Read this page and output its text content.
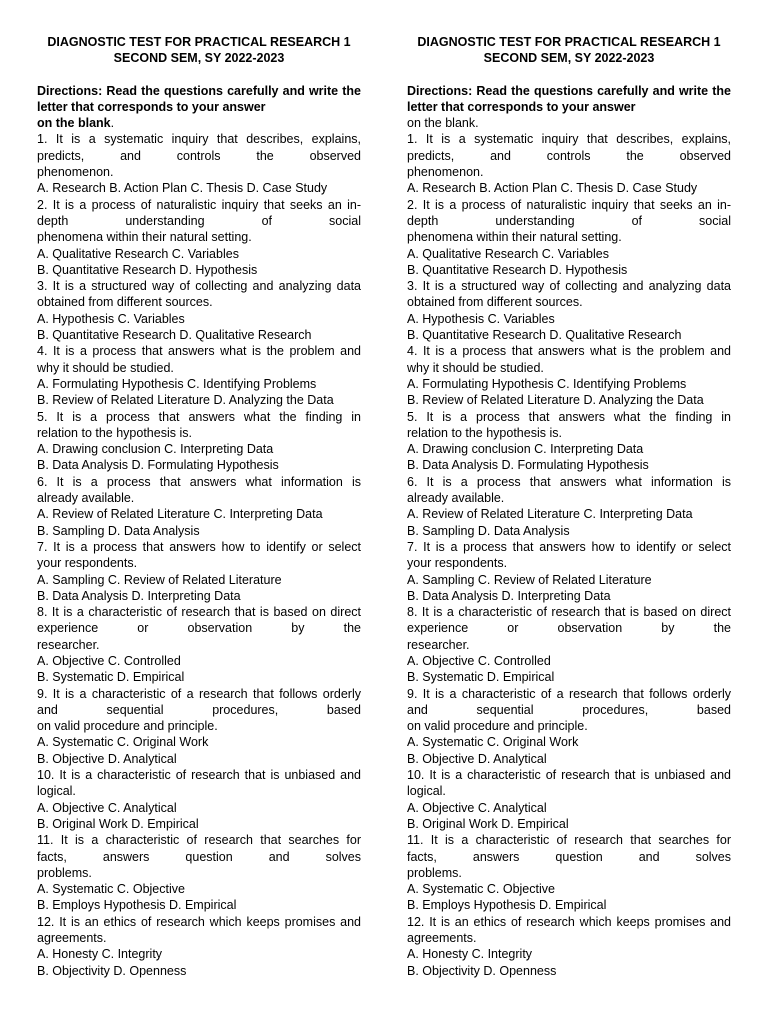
DIAGNOSTIC TEST FOR PRACTICAL RESEARCH 1
SECOND SEM, SY 2022-2023
Directions: Read the questions carefully and write the
letter that corresponds to your answer
on the blank.
1. It is a systematic inquiry that describes, explains,
predicts, and controls the observed
phenomenon.
A. Research B. Action Plan C. Thesis D. Case Study
2. It is a process of naturalistic inquiry that seeks an in-
depth understanding of social
phenomena within their natural setting.
A. Qualitative Research C. Variables
B. Quantitative Research D. Hypothesis
3. It is a structured way of collecting and analyzing data
obtained from different sources.
A. Hypothesis C. Variables
B. Quantitative Research D. Qualitative Research
4. It is a process that answers what is the problem and
why it should be studied.
A. Formulating Hypothesis C. Identifying Problems
B. Review of Related Literature D. Analyzing the Data
5. It is a process that answers what the finding in
relation to the hypothesis is.
A. Drawing conclusion C. Interpreting Data
B. Data Analysis D. Formulating Hypothesis
6. It is a process that answers what information is
already available.
A. Review of Related Literature C. Interpreting Data
B. Sampling D. Data Analysis
7. It is a process that answers how to identify or select
your respondents.
A. Sampling C. Review of Related Literature
B. Data Analysis D. Interpreting Data
8. It is a characteristic of research that is based on direct
experience or observation by the
researcher.
A. Objective C. Controlled
B. Systematic D. Empirical
9. It is a characteristic of a research that follows orderly
and sequential procedures, based
on valid procedure and principle.
A. Systematic C. Original Work
B. Objective D. Analytical
10. It is a characteristic of research that is unbiased and
logical.
A. Objective C. Analytical
B. Original Work D. Empirical
11. It is a characteristic of research that searches for
facts, answers question and solves
problems.
A. Systematic C. Objective
B. Employs Hypothesis D. Empirical
12. It is an ethics of research which keeps promises and
agreements.
A. Honesty C. Integrity
B. Objectivity D. Openness
DIAGNOSTIC TEST FOR PRACTICAL RESEARCH 1
SECOND SEM, SY 2022-2023
Directions: Read the questions carefully and write the
letter that corresponds to your answer
on the blank.
1. It is a systematic inquiry that describes, explains,
predicts, and controls the observed
phenomenon.
A. Research B. Action Plan C. Thesis D. Case Study
2. It is a process of naturalistic inquiry that seeks an in-
depth understanding of social
phenomena within their natural setting.
A. Qualitative Research C. Variables
B. Quantitative Research D. Hypothesis
3. It is a structured way of collecting and analyzing data
obtained from different sources.
A. Hypothesis C. Variables
B. Quantitative Research D. Qualitative Research
4. It is a process that answers what is the problem and
why it should be studied.
A. Formulating Hypothesis C. Identifying Problems
B. Review of Related Literature D. Analyzing the Data
5. It is a process that answers what the finding in
relation to the hypothesis is.
A. Drawing conclusion C. Interpreting Data
B. Data Analysis D. Formulating Hypothesis
6. It is a process that answers what information is
already available.
A. Review of Related Literature C. Interpreting Data
B. Sampling D. Data Analysis
7. It is a process that answers how to identify or select
your respondents.
A. Sampling C. Review of Related Literature
B. Data Analysis D. Interpreting Data
8. It is a characteristic of research that is based on direct
experience or observation by the
researcher.
A. Objective C. Controlled
B. Systematic D. Empirical
9. It is a characteristic of a research that follows orderly
and sequential procedures, based
on valid procedure and principle.
A. Systematic C. Original Work
B. Objective D. Analytical
10. It is a characteristic of research that is unbiased and
logical.
A. Objective C. Analytical
B. Original Work D. Empirical
11. It is a characteristic of research that searches for
facts, answers question and solves
problems.
A. Systematic C. Objective
B. Employs Hypothesis D. Empirical
12. It is an ethics of research which keeps promises and
agreements.
A. Honesty C. Integrity
B. Objectivity D. Openness
